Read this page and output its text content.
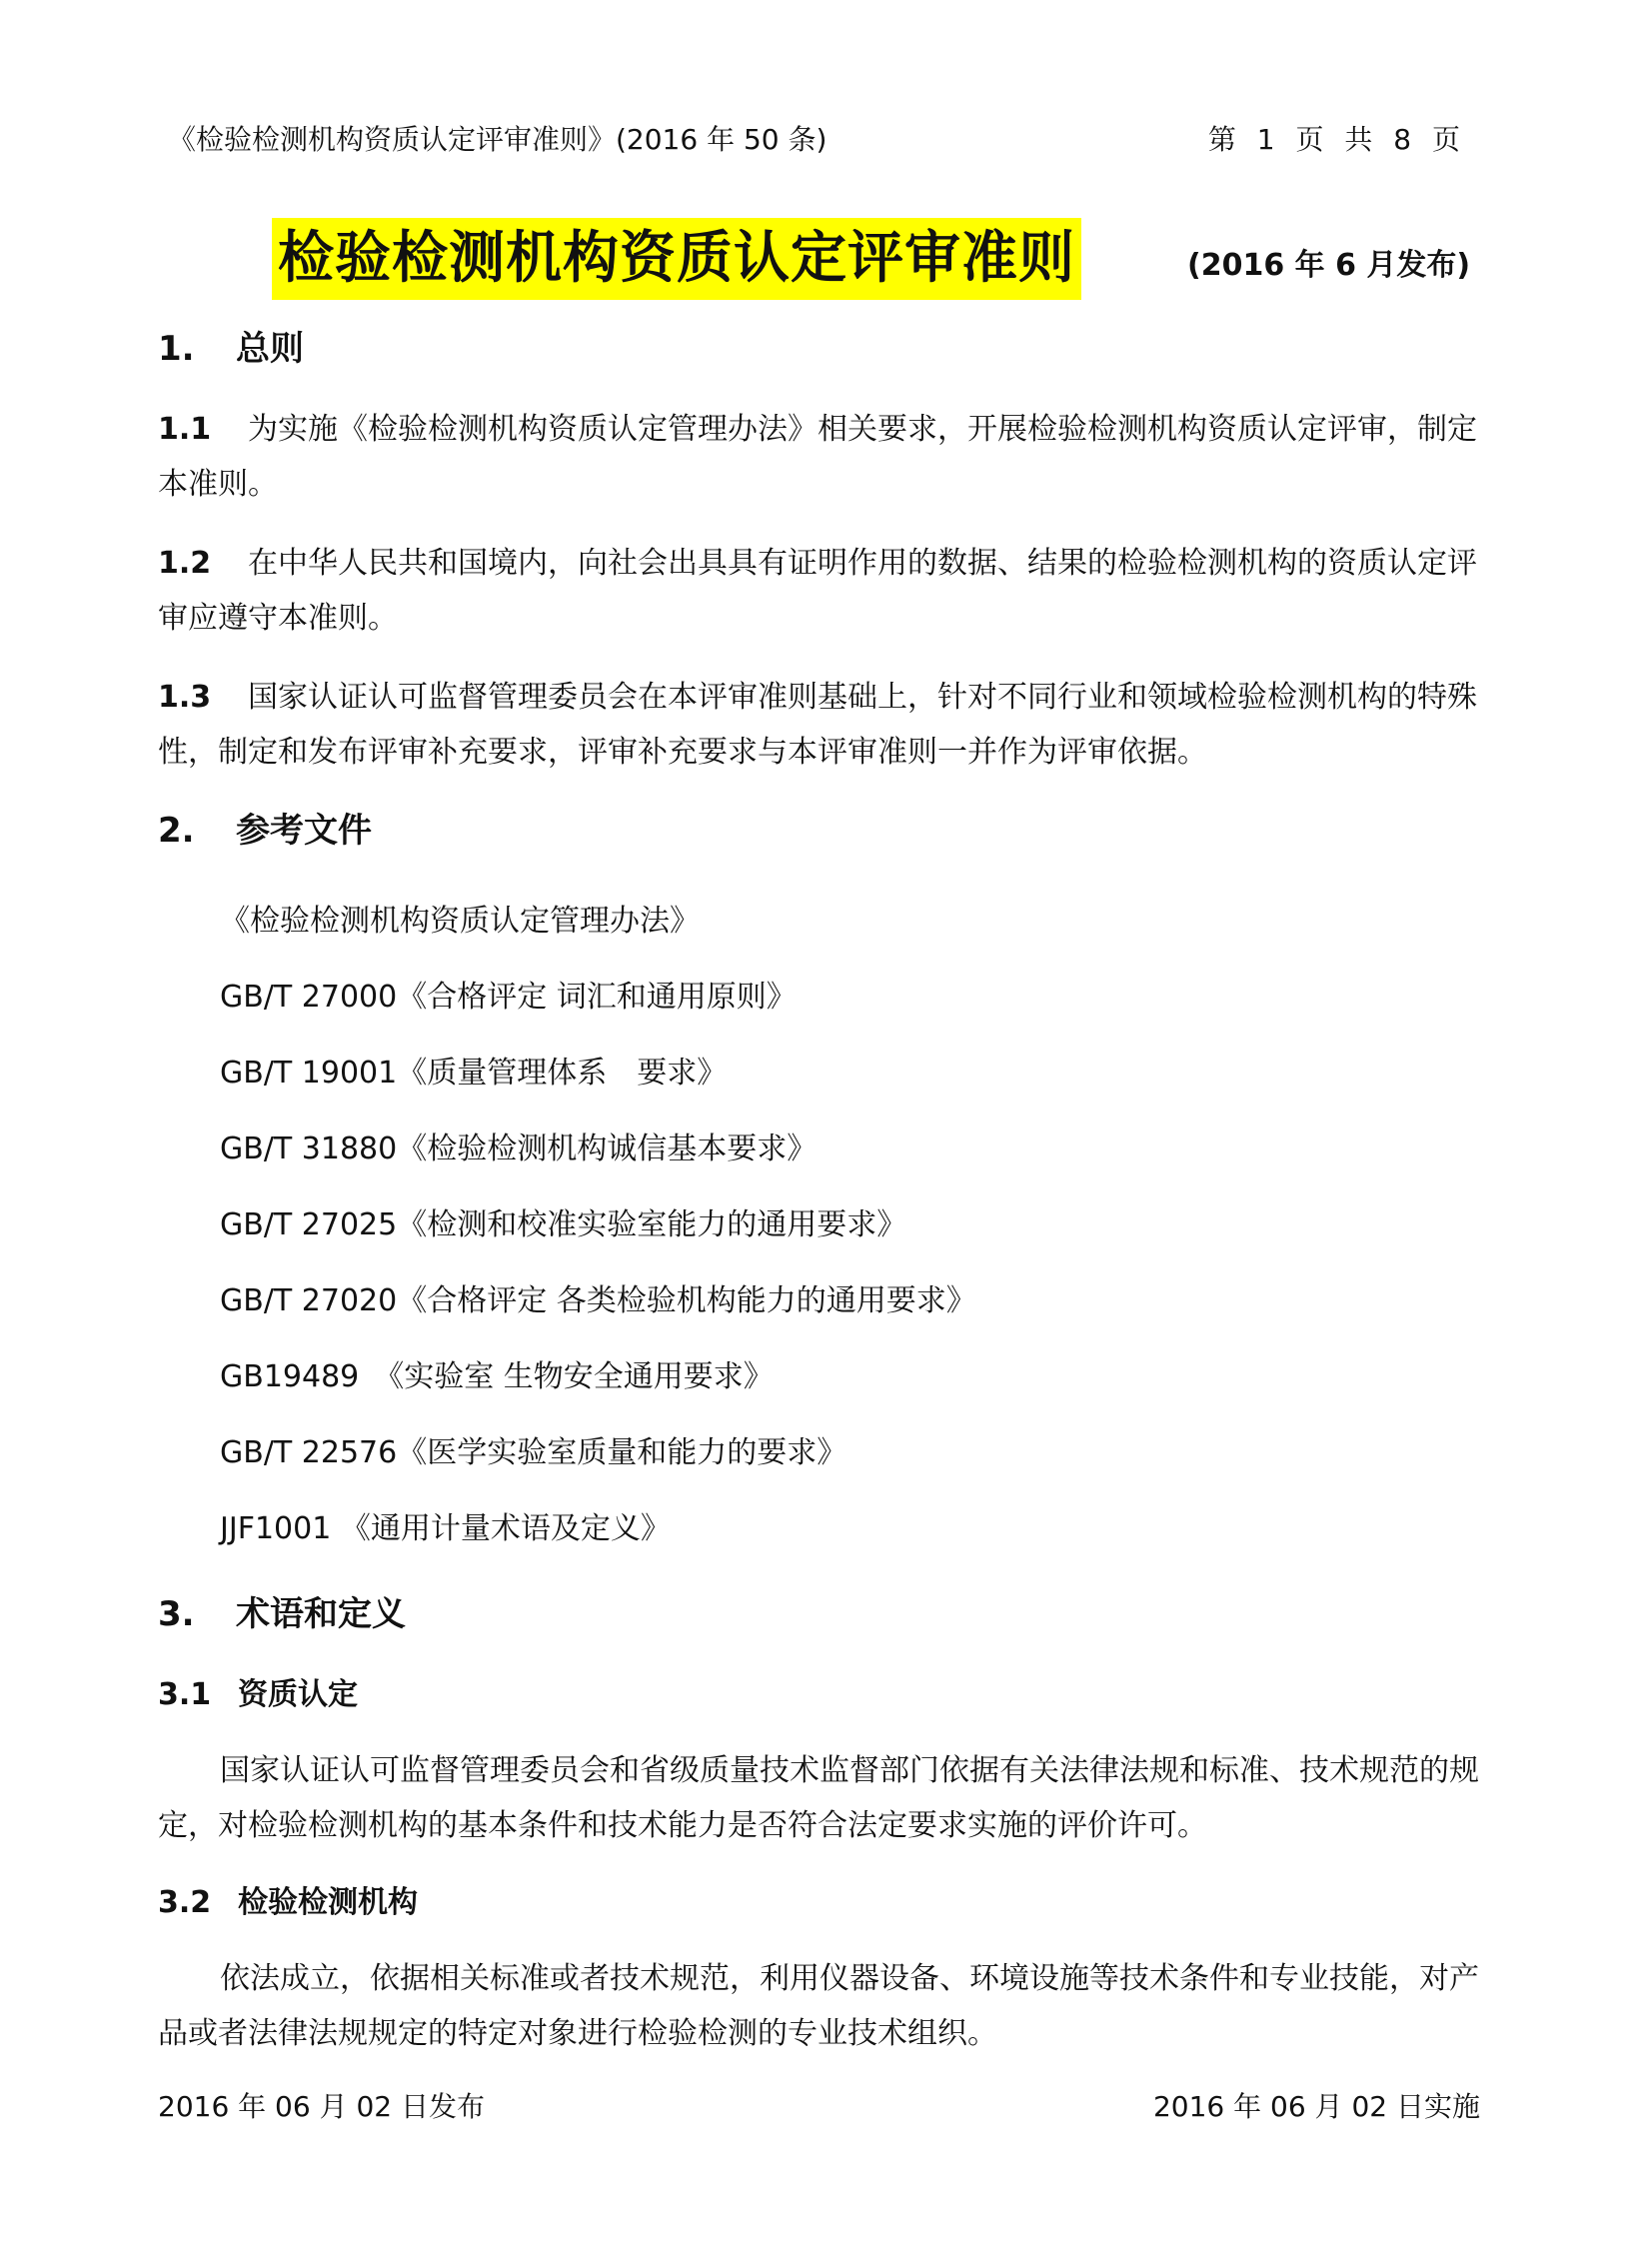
《检验检测机构资质认定评审准则》(2016 年 50 条)	第 1 页 共 8 页
检验检测机构资质认定评审准则	(2016 年 6 月发布)
1. 总则

1.1 为实施《检验检测机构资质认定管理办法》相关要求，开展检验检测机构资质认定评审，制定本准则。

1.2 在中华人民共和国境内，向社会出具具有证明作用的数据、结果的检验检测机构的资质认定评审应遵守本准则。

1.3 国家认证认可监督管理委员会在本评审准则基础上，针对不同行业和领域检验检测机构的特殊性，制定和发布评审补充要求，评审补充要求与本评审准则一并作为评审依据。

2. 参考文件
《检验检测机构资质认定管理办法》
GB/T 27000《合格评定 词汇和通用原则》
GB/T 19001《质量管理体系　要求》
GB/T 31880《检验检测机构诚信基本要求》
GB/T 27025《检测和校准实验室能力的通用要求》
GB/T 27020《合格评定 各类检验机构能力的通用要求》
GB19489　《实验室 生物安全通用要求》
GB/T 22576《医学实验室质量和能力的要求》
JJF1001 《通用计量术语及定义》
3. 术语和定义
3.1 资质认定

国家认证认可监督管理委员会和省级质量技术监督部门依据有关法律法规和标准、技术规范的规定，对检验检测机构的基本条件和技术能力是否符合法定要求实施的评价许可。

3.2 检验检测机构

依法成立，依据相关标准或者技术规范，利用仪器设备、环境设施等技术条件和专业技能，对产品或者法律法规规定的特定对象进行检验检测的专业技术组织。

2016 年 06 月 02 日发布	2016 年 06 月 02 日实施
